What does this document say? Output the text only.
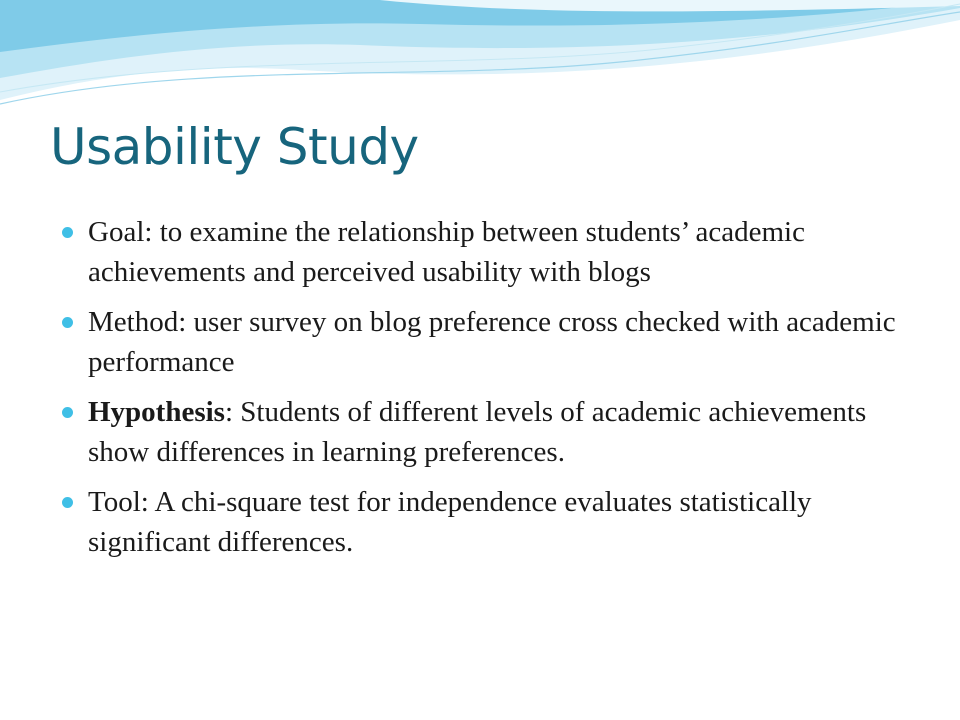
Usability Study
Goal: to examine the relationship between students’ academic achievements and perceived usability with blogs
Method: user survey on blog preference cross checked with academic performance
Hypothesis: Students of different levels of academic achievements show differences in learning preferences.
Tool: A chi-square test for independence evaluates statistically significant differences.
